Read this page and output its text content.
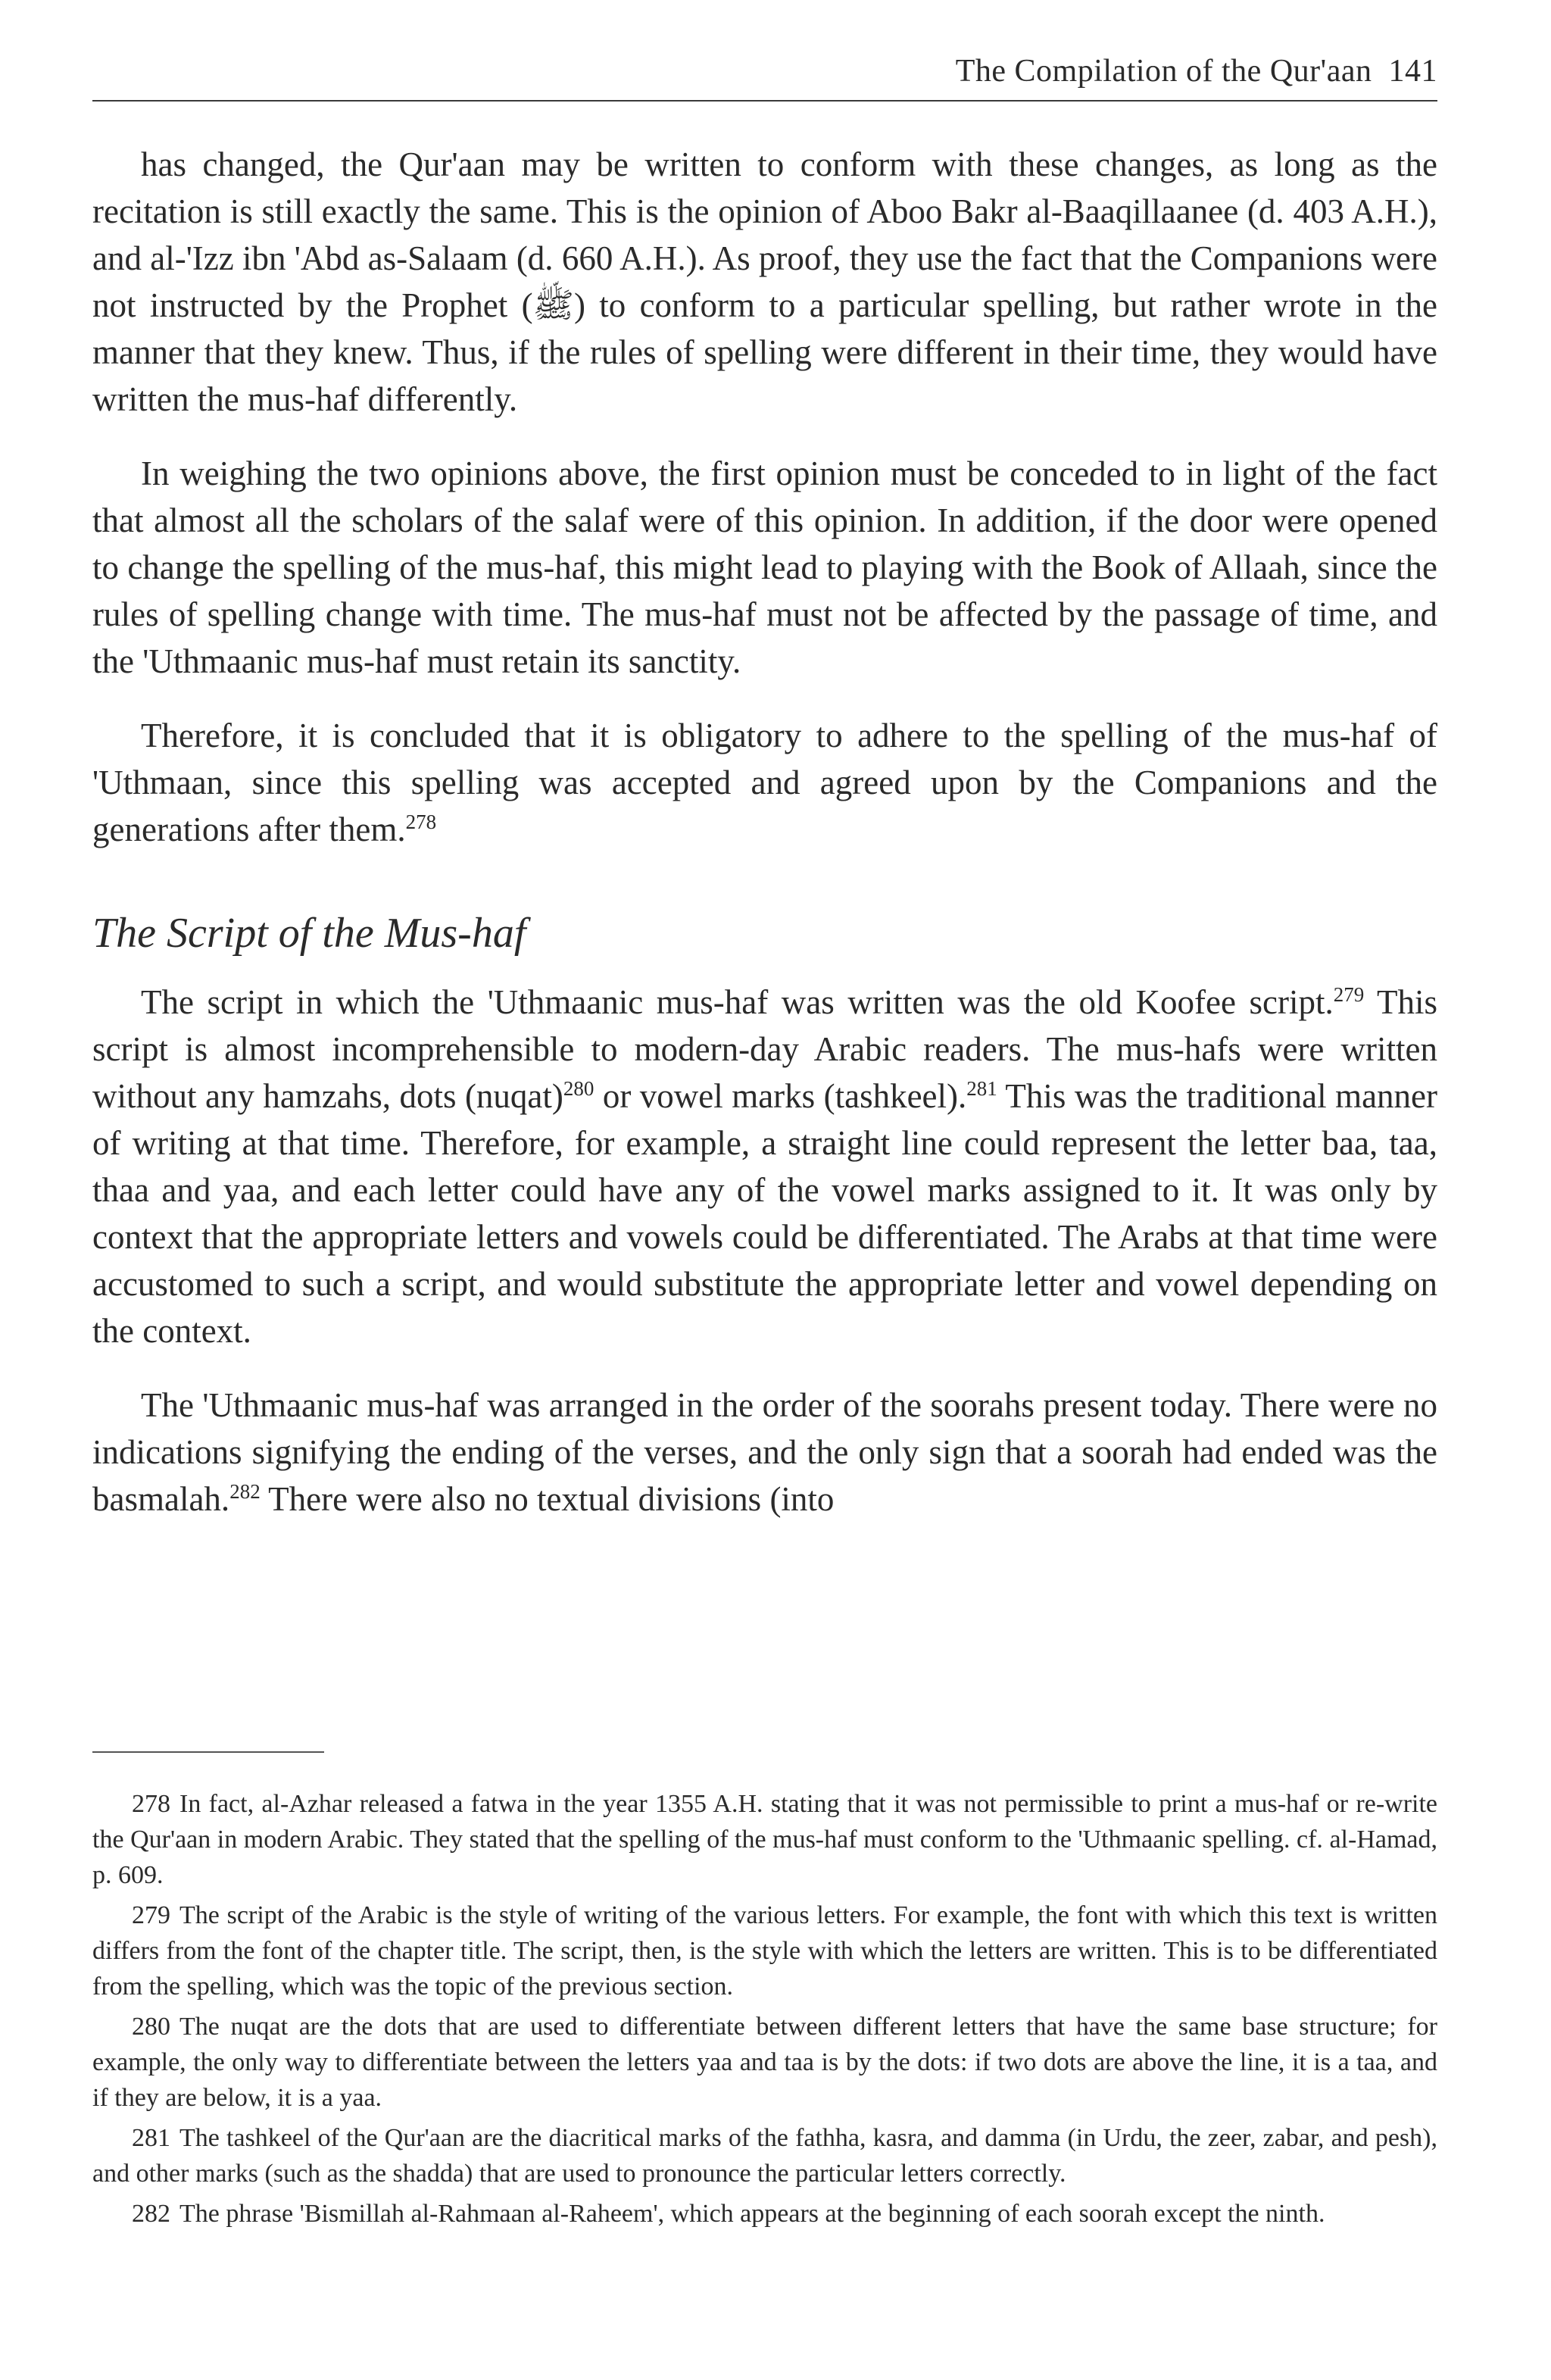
The Compilation of the Qur'aan 141

has changed, the Qur'aan may be written to conform with these changes, as long as the recitation is still exactly the same. This is the opinion of Aboo Bakr al-Baaqillaanee (d. 403 A.H.), and al-'Izz ibn 'Abd as-Salaam (d. 660 A.H.). As proof, they use the fact that the Companions were not instructed by the Prophet (ﷺ) to conform to a particular spelling, but rather wrote in the manner that they knew. Thus, if the rules of spelling were different in their time, they would have written the mus-haf differently.

In weighing the two opinions above, the first opinion must be conceded to in light of the fact that almost all the scholars of the salaf were of this opinion. In addition, if the door were opened to change the spelling of the mus-haf, this might lead to playing with the Book of Allaah, since the rules of spelling change with time. The mus-haf must not be affected by the passage of time, and the 'Uthmaanic mus-haf must retain its sanctity.

Therefore, it is concluded that it is obligatory to adhere to the spelling of the mus-haf of 'Uthmaan, since this spelling was accepted and agreed upon by the Companions and the generations after them.$^{278}$

The Script of the Mus-haf

The script in which the 'Uthmaanic mus-haf was written was the old Koofee script.$^{279}$ This script is almost incomprehensible to modern-day Arabic readers. The mus-hafs were written without any hamzahs, dots (nuqat)$^{280}$ or vowel marks (tashkeel).$^{281}$ This was the traditional manner of writing at that time. Therefore, for example, a straight line could represent the letter baa, taa, thaa and yaa, and each letter could have any of the vowel marks assigned to it. It was only by context that the appropriate letters and vowels could be differentiated. The Arabs at that time were accustomed to such a script, and would substitute the appropriate letter and vowel depending on the context.

The 'Uthmaanic mus-haf was arranged in the order of the soorahs present today. There were no indications signifying the ending of the verses, and the only sign that a soorah had ended was the basmalah.$^{282}$ There were also no textual divisions (into

278 In fact, al-Azhar released a fatwa in the year 1355 A.H. stating that it was not permissible to print a mus-haf or re-write the Qur'aan in modern Arabic. They stated that the spelling of the mus-haf must conform to the 'Uthmaanic spelling. cf. al-Hamad, p. 609.

279 The script of the Arabic is the style of writing of the various letters. For example, the font with which this text is written differs from the font of the chapter title. The script, then, is the style with which the letters are written. This is to be differentiated from the spelling, which was the topic of the previous section.

280 The nuqat are the dots that are used to differentiate between different letters that have the same base structure; for example, the only way to differentiate between the letters yaa and taa is by the dots: if two dots are above the line, it is a taa, and if they are below, it is a yaa.

281 The tashkeel of the Qur'aan are the diacritical marks of the fathha, kasra, and damma (in Urdu, the zeer, zabar, and pesh), and other marks (such as the shadda) that are used to pronounce the particular letters correctly.

282 The phrase 'Bismillah al-Rahmaan al-Raheem', which appears at the beginning of each soorah except the ninth.
